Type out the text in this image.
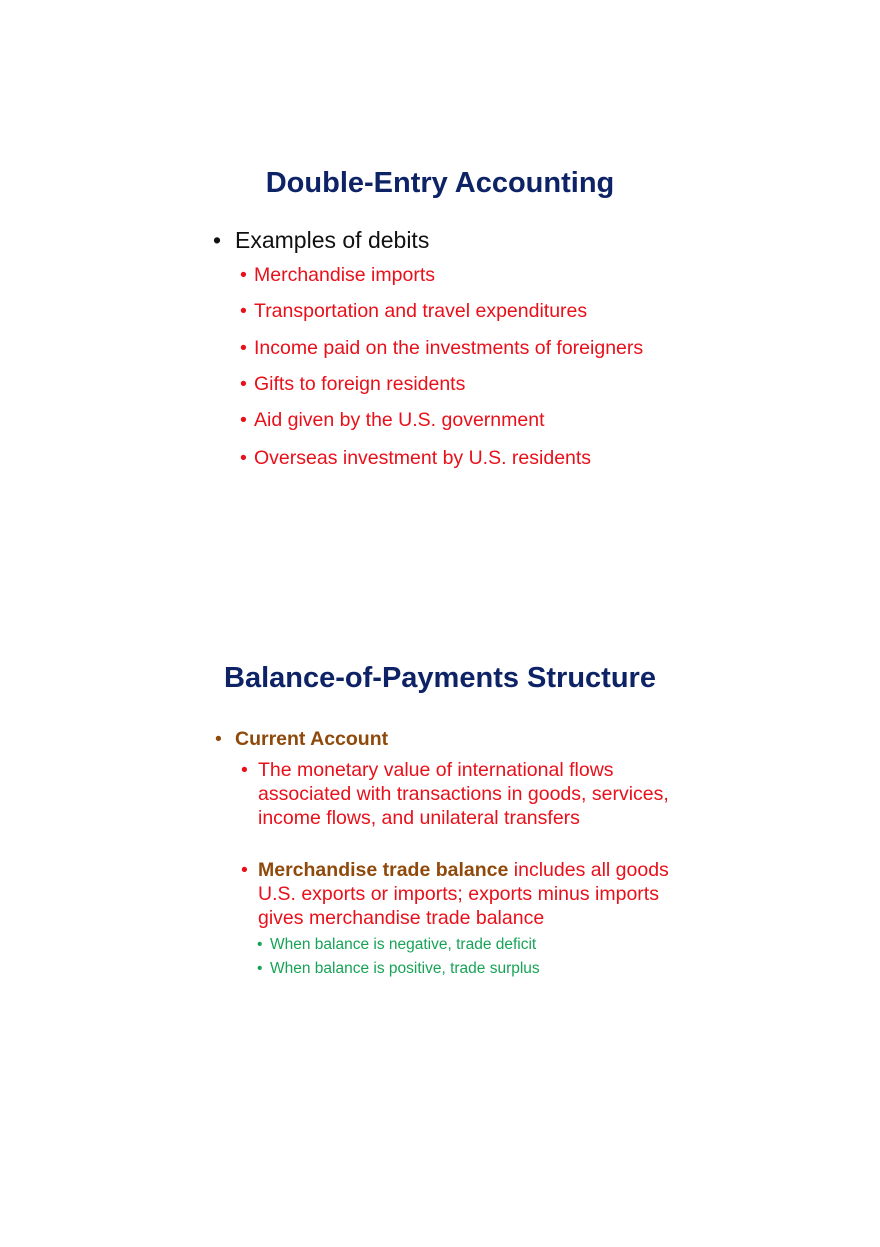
Double-Entry Accounting

• Examples of debits

• Merchandise imports

• Transportation and travel expenditures

• Income paid on the investments of foreigners

• Gifts to foreign residents

• Aid given by the U.S. government

• Overseas investment by U.S. residents

Balance-of-Payments Structure

• Current Account

• The monetary value of international flows associated with transactions in goods, services, income flows, and unilateral transfers

• Merchandise trade balance includes all goods U.S. exports or imports; exports minus imports gives merchandise trade balance

• When balance is negative, trade deficit

• When balance is positive, trade surplus
